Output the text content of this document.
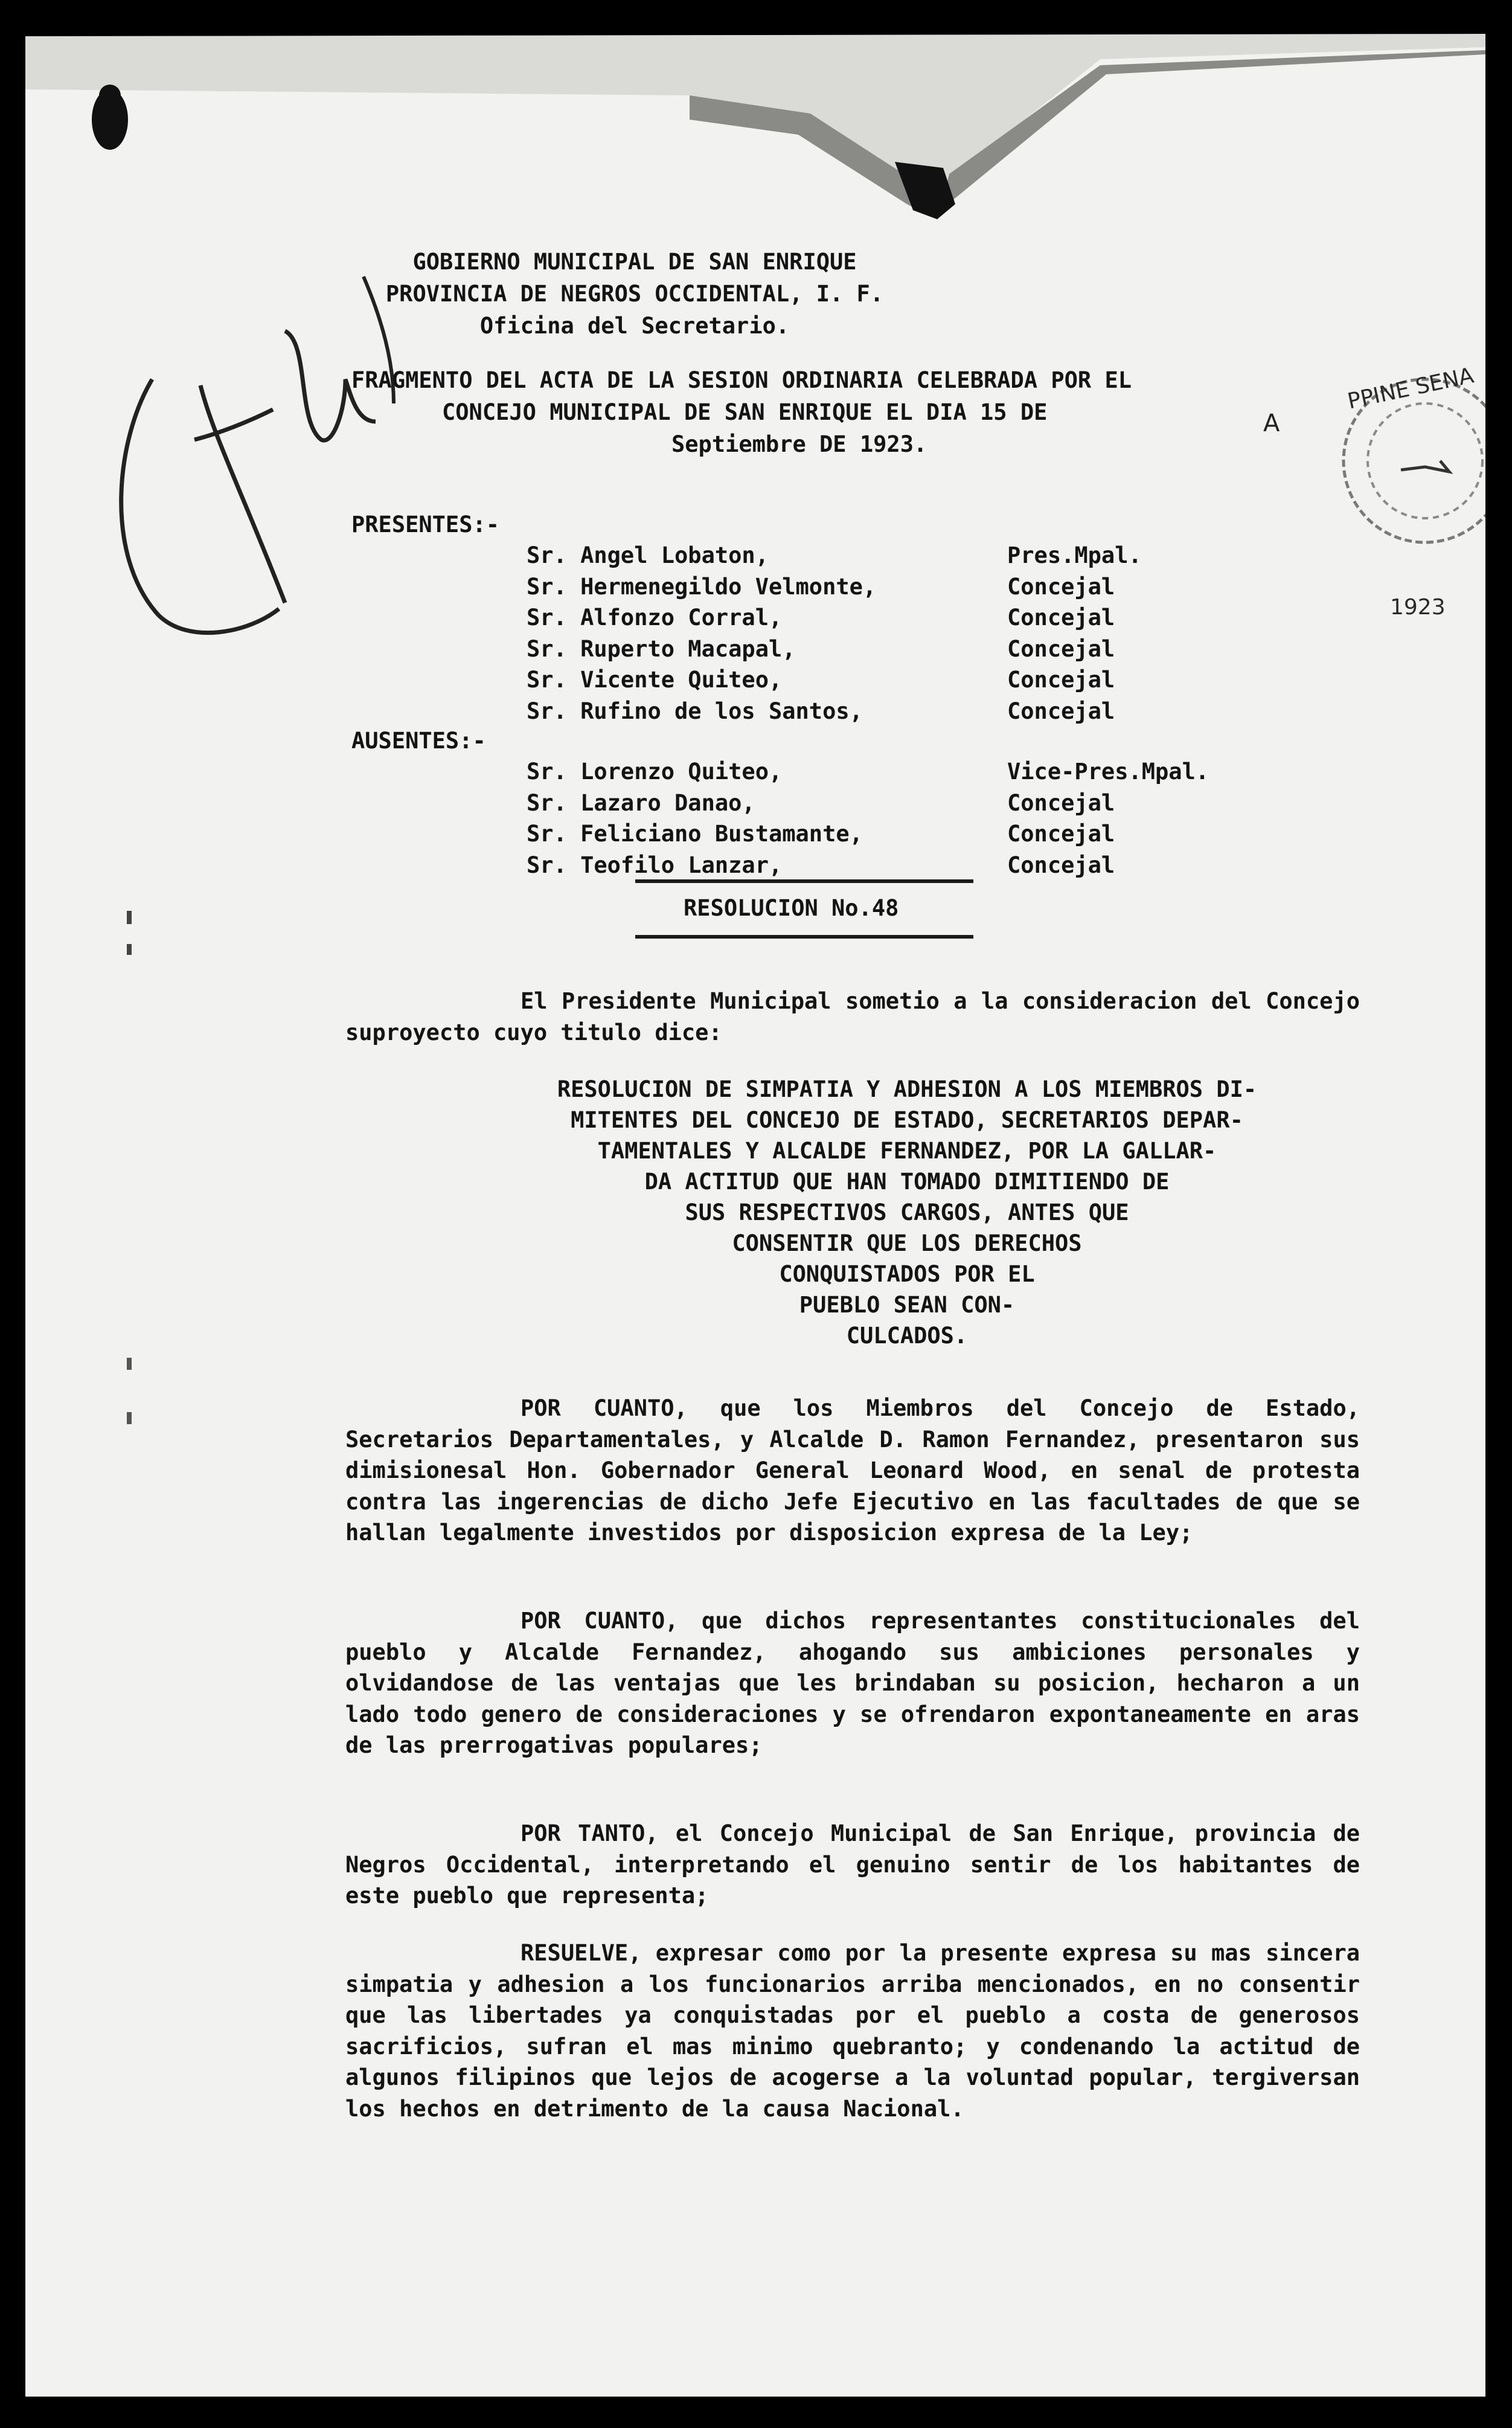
GOBIERNO MUNICIPAL DE SAN ENRIQUE
PROVINCIA DE NEGROS OCCIDENTAL, I. F.
Oficina del Secretario.
FRAGMENTO DEL ACTA DE LA SESION ORDINARIA CELEBRADA POR EL
CONCEJO MUNICIPAL DE SAN ENRIQUE EL DIA 15 DE
Septiembre DE 1923.
A
PPINE SENA
1923
PRESENTES:-
AUSENTES:-
RESOLUCION No.48
El Presidente Municipal sometio a la consideracion del Concejo suproyecto cuyo titulo dice:
RESOLUCION DE SIMPATIA Y ADHESION A LOS MIEMBROS DI-
MITENTES DEL CONCEJO DE ESTADO, SECRETARIOS DEPAR-
TAMENTALES Y ALCALDE FERNANDEZ, POR LA GALLAR-
DA ACTITUD QUE HAN TOMADO DIMITIENDO DE
SUS RESPECTIVOS CARGOS, ANTES QUE
CONSENTIR QUE LOS DERECHOS
CONQUISTADOS POR EL
PUEBLO SEAN CON-
CULCADOS.
POR CUANTO, que los Miembros del Concejo de Estado, Secretarios Departamentales, y Alcalde D. Ramon Fernandez, presentaron sus dimisionesal Hon. Gobernador General Leonard Wood, en senal de protesta contra las ingerencias de dicho Jefe Ejecutivo en las facultades de que se hallan legalmente investidos por disposicion expresa de la Ley;
POR CUANTO, que dichos representantes constitucionales del pueblo y Alcalde Fernandez, ahogando sus ambiciones personales y olvidandose de las ventajas que les brindaban su posicion, hecharon a un lado todo genero de consideraciones y se ofrendaron expontaneamente en aras de las prerrogativas populares;
POR TANTO, el Concejo Municipal de San Enrique, provincia de Negros Occidental, interpretando el genuino sentir de los habitantes de este pueblo que representa;
RESUELVE, expresar como por la presente expresa su mas sincera simpatia y adhesion a los funcionarios arriba mencionados, en no consentir que las libertades ya conquistadas por el pueblo a costa de generosos sacrificios, sufran el mas minimo quebranto; y condenando la actitud de algunos filipinos que lejos de acogerse a la voluntad popular, tergiversan los hechos en detrimento de la causa Nacional.
Sr. Angel Lobaton,	Pres.Mpal.
Sr. Hermenegildo Velmonte,	Concejal
Sr. Alfonzo Corral,	Concejal
Sr. Ruperto Macapal,	Concejal
Sr. Vicente Quiteo,	Concejal
Sr. Rufino de los Santos,	Concejal
Sr. Lorenzo Quiteo,	Vice-Pres.Mpal.
Sr. Lazaro Danao,	Concejal
Sr. Feliciano Bustamante,	Concejal
Sr. Teofilo Lanzar,	Concejal
